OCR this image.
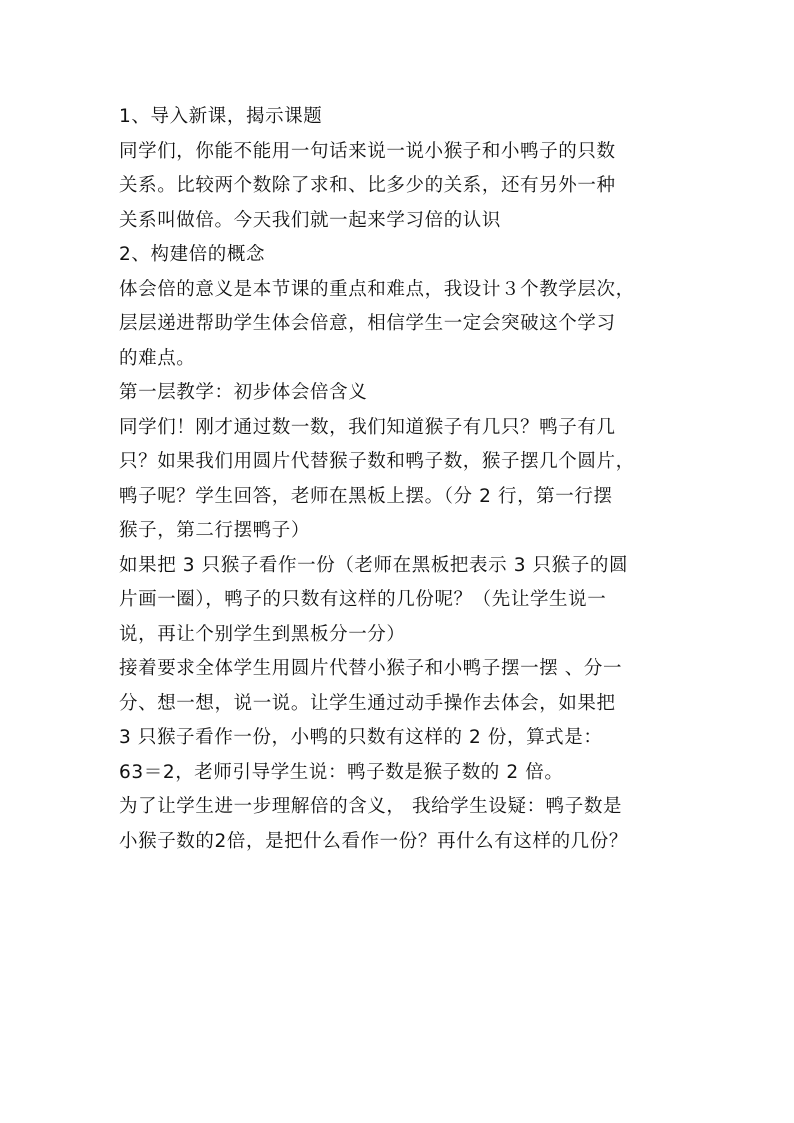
1、导入新课，揭示课题
同学们，你能不能用一句话来说一说小猴子和小鸭子的只数
关系。比较两个数除了求和、比多少的关系，还有另外一种
关系叫做倍。今天我们就一起来学习倍的认识
2、构建倍的概念
体会倍的意义是本节课的重点和难点，我设计３个教学层次，
层层递进帮助学生体会倍意，相信学生一定会突破这个学习
的难点。
第一层教学：初步体会倍含义
同学们！刚才通过数一数，我们知道猴子有几只？鸭子有几
只？如果我们用圆片代替猴子数和鸭子数，猴子摆几个圆片，
鸭子呢？学生回答，老师在黑板上摆。（分 2 行，第一行摆
猴子，第二行摆鸭子）
如果把 3 只猴子看作一份（老师在黑板把表示 3 只猴子的圆
片画一圈），鸭子的只数有这样的几份呢？（先让学生说一
说，再让个别学生到黑板分一分）
接着要求全体学生用圆片代替小猴子和小鸭子摆一摆 、分一
分、想一想，说一说。让学生通过动手操作去体会，如果把
3 只猴子看作一份，小鸭的只数有这样的 2 份，算式是：
63＝2，老师引导学生说：鸭子数是猴子数的 2 倍。
为了让学生进一步理解倍的含义， 我给学生设疑：鸭子数是
小猴子数的2倍，是把什么看作一份？再什么有这样的几份？
